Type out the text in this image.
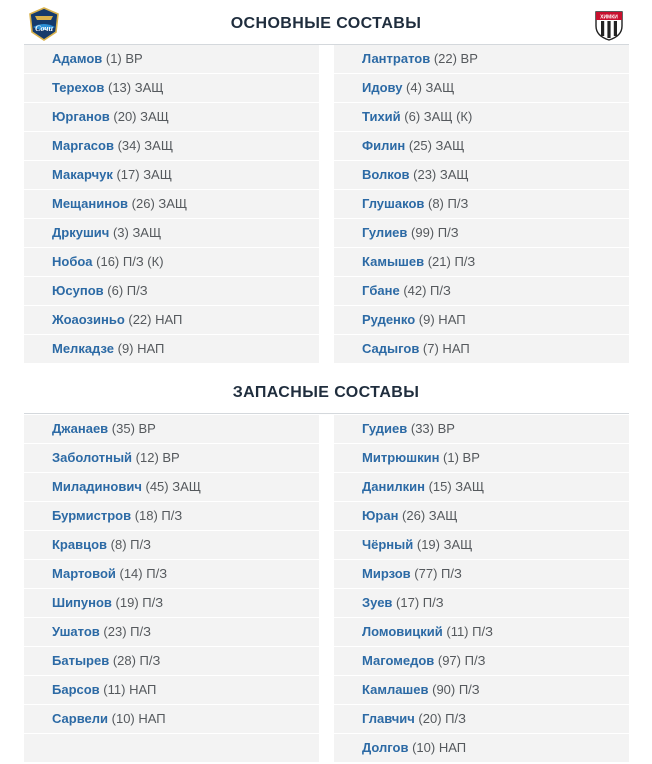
Сочи
ХИМКИ
ОСНОВНЫЕ СОСТАВЫ
ЗАПАСНЫЕ СОСТАВЫ
Адамов (1) ВР
Терехов (13) ЗАЩ
Юрганов (20) ЗАЩ
Маргасов (34) ЗАЩ
Макарчук (17) ЗАЩ
Мещанинов (26) ЗАЩ
Дркушич (3) ЗАЩ
Нобоа (16) П/З (К)
Юсупов (6) П/З
Жоаозиньо (22) НАП
Мелкадзе (9) НАП
Лантратов (22) ВР
Идову (4) ЗАЩ
Тихий (6) ЗАЩ (К)
Филин (25) ЗАЩ
Волков (23) ЗАЩ
Глушаков (8) П/З
Гулиев (99) П/З
Камышев (21) П/З
Гбане (42) П/З
Руденко (9) НАП
Садыгов (7) НАП
Джанаев (35) ВР
Заболотный (12) ВР
Миладинович (45) ЗАЩ
Бурмистров (18) П/З
Кравцов (8) П/З
Мартовой (14) П/З
Шипунов (19) П/З
Ушатов (23) П/З
Батырев (28) П/З
Барсов (11) НАП
Сарвели (10) НАП
Гудиев (33) ВР
Митрюшкин (1) ВР
Данилкин (15) ЗАЩ
Юран (26) ЗАЩ
Чёрный (19) ЗАЩ
Мирзов (77) П/З
Зуев (17) П/З
Ломовицкий (11) П/З
Магомедов (97) П/З
Камлашев (90) П/З
Главчич (20) П/З
Долгов (10) НАП
